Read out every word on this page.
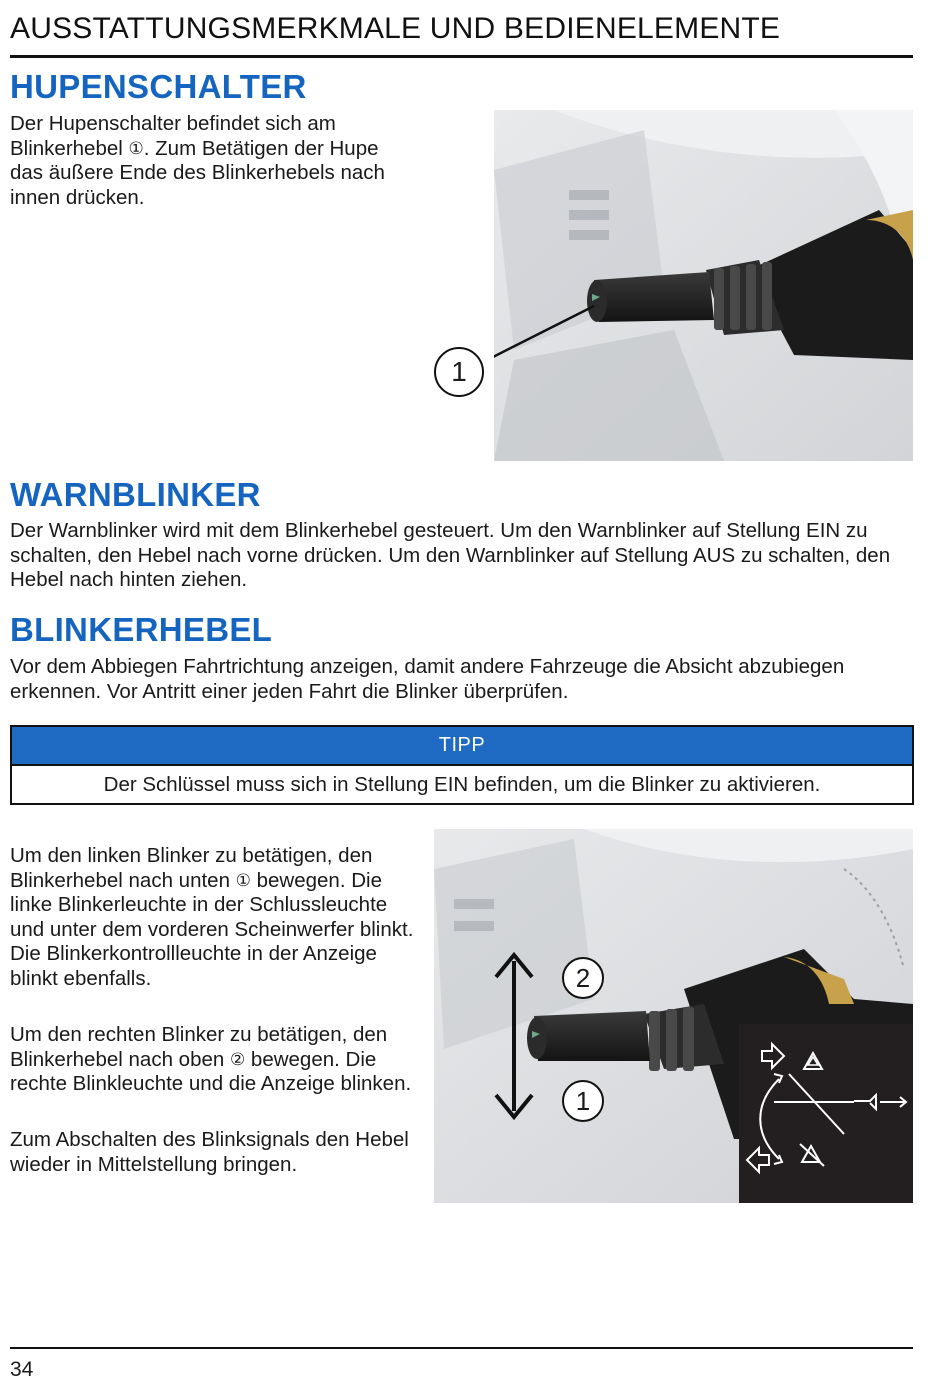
AUSSTATTUNGSMERKMALE UND BEDIENELEMENTE
HUPENSCHALTER
Der Hupenschalter befindet sich am Blinkerhebel ①. Zum Betätigen der Hupe das äußere Ende des Blinkerhebels nach innen drücken.
1
WARNBLINKER
Der Warnblinker wird mit dem Blinkerhebel gesteuert. Um den Warnblinker auf Stellung EIN zu schalten, den Hebel nach vorne drücken. Um den Warnblinker auf Stellung AUS zu schalten, den Hebel nach hinten ziehen.
BLINKERHEBEL
Vor dem Abbiegen Fahrtrichtung anzeigen, damit andere Fahrzeuge die Absicht abzubiegen erkennen. Vor Antritt einer jeden Fahrt die Blinker überprüfen.
TIPP
Der Schlüssel muss sich in Stellung EIN befinden, um die Blinker zu aktivieren.
Um den linken Blinker zu betätigen, den Blinkerhebel nach unten ① bewegen. Die linke Blinkerleuchte in der Schlussleuchte und unter dem vorderen Scheinwerfer blinkt. Die Blinkerkontrollleuchte in der Anzeige blinkt ebenfalls.
Um den rechten Blinker zu betätigen, den Blinkerhebel nach oben ② bewegen. Die rechte Blinkleuchte und die Anzeige blinken.
Zum Abschalten des Blinksignals den Hebel wieder in Mittelstellung bringen.
2
1
34
